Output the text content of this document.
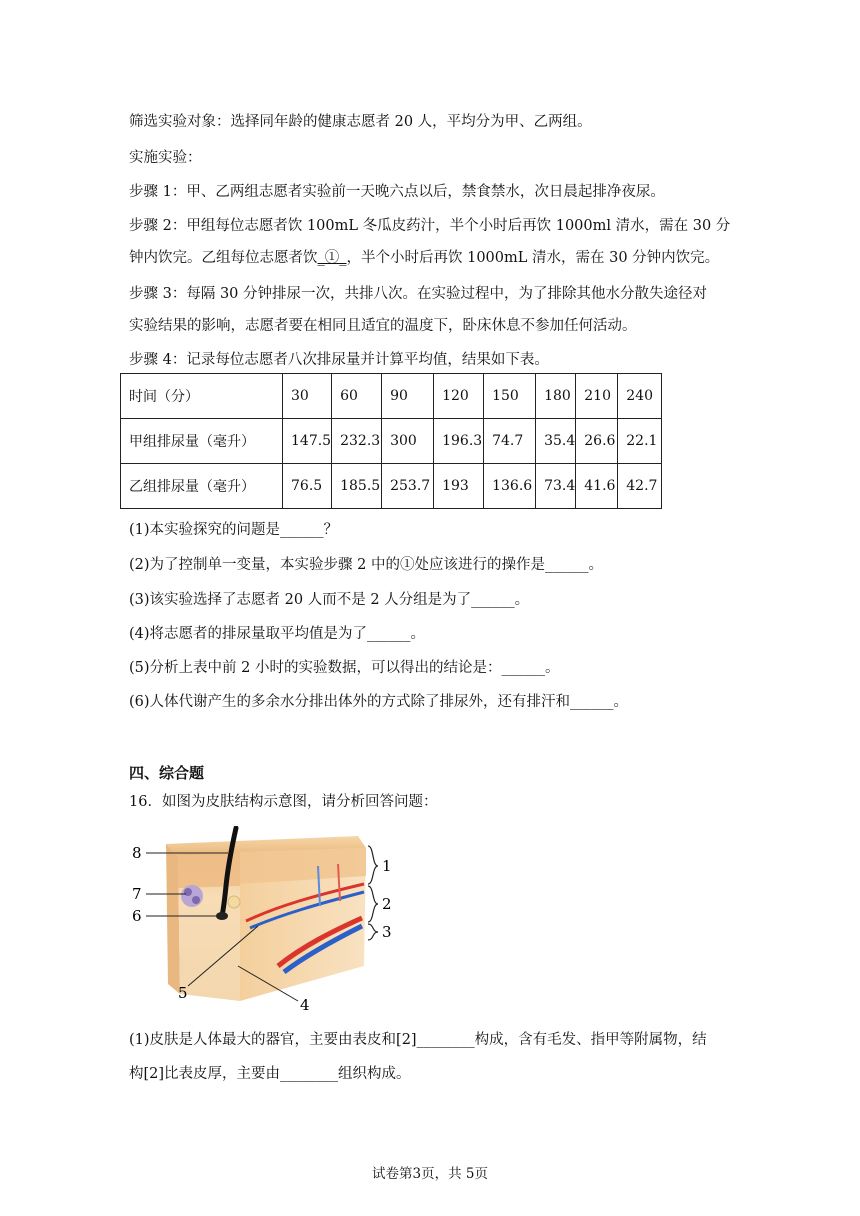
筛选实验对象：选择同年龄的健康志愿者 20 人，平均分为甲、乙两组。
实施实验：
步骤 1：甲、乙两组志愿者实验前一天晚六点以后，禁食禁水，次日晨起排净夜尿。
步骤 2：甲组每位志愿者饮 100mL 冬瓜皮药汁，半个小时后再饮 1000ml 清水，需在 30 分
钟内饮完。乙组每位志愿者饮_①_，半个小时后再饮 1000mL 清水，需在 30 分钟内饮完。
步骤 3：每隔 30 分钟排尿一次，共排八次。在实验过程中，为了排除其他水分散失途径对
实验结果的影响，志愿者要在相同且适宜的温度下，卧床休息不参加任何活动。
步骤 4：记录每位志愿者八次排尿量并计算平均值，结果如下表。
时间（分）	30	60	90	120	150	180	210	240
甲组排尿量（毫升）	147.5	232.3	300	196.3	74.7	35.4	26.6	22.1
乙组排尿量（毫升）	76.5	185.5	253.7	193	136.6	73.4	41.6	42.7
(1)本实验探究的问题是______？
(2)为了控制单一变量，本实验步骤 2 中的①处应该进行的操作是______。
(3)该实验选择了志愿者 20 人而不是 2 人分组是为了______。
(4)将志愿者的排尿量取平均值是为了______。
(5)分析上表中前 2 小时的实验数据，可以得出的结论是：______。
(6)人体代谢产生的多余水分排出体外的方式除了排尿外，还有排汗和______。
四、综合题
16．如图为皮肤结构示意图，请分析回答问题：
8
7
6
5
4
1
2
3
(1)皮肤是人体最大的器官，主要由表皮和[2]________构成，含有毛发、指甲等附属物，结
构[2]比表皮厚，主要由________组织构成。
试卷第3页，共 5页
